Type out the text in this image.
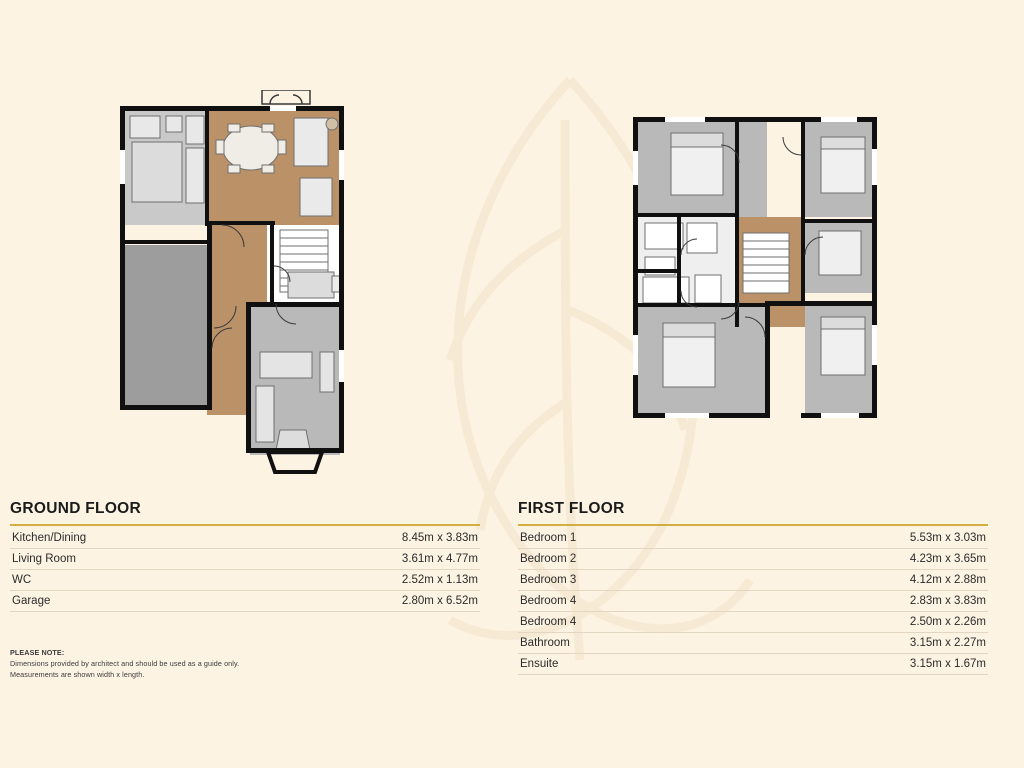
GROUND FLOOR
Kitchen/Dining	8.45m x 3.83m
Living Room	3.61m x 4.77m
WC	2.52m x 1.13m
Garage	2.80m x 6.52m
FIRST FLOOR
Bedroom 1	5.53m x 3.03m
Bedroom 2	4.23m x 3.65m
Bedroom 3	4.12m x 2.88m
Bedroom 4	2.83m x 3.83m
Bedroom 4	2.50m x 2.26m
Bathroom	3.15m x 2.27m
Ensuite	3.15m x 1.67m
PLEASE NOTE:
Dimensions provided by architect and should be used as a guide only.
Measurements are shown width x length.
